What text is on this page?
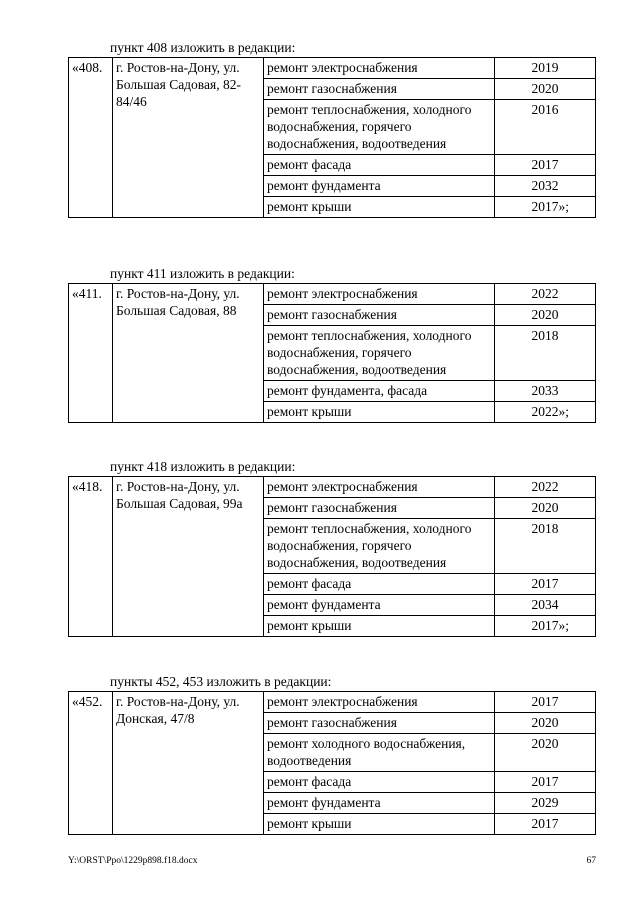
пункт 408 изложить в редакции:
«408.	г. Ростов-на-Дону, ул. Большая Садовая, 82-84/46	ремонт электроснабжения	2019
		ремонт газоснабжения	2020
		ремонт теплоснабжения, холодного водоснабжения, горячего водоснабжения, водоотведения	2016
		ремонт фасада	2017
		ремонт фундамента	2032
		ремонт крыши	2017»;
пункт 411 изложить в редакции:
«411.	г. Ростов-на-Дону, ул. Большая Садовая, 88	ремонт электроснабжения	2022
		ремонт газоснабжения	2020
		ремонт теплоснабжения, холодного водоснабжения, горячего водоснабжения, водоотведения	2018
		ремонт фундамента, фасада	2033
		ремонт крыши	2022»;
пункт 418 изложить в редакции:
«418.	г. Ростов-на-Дону, ул. Большая Садовая, 99а	ремонт электроснабжения	2022
		ремонт газоснабжения	2020
		ремонт теплоснабжения, холодного водоснабжения, горячего водоснабжения, водоотведения	2018
		ремонт фасада	2017
		ремонт фундамента	2034
		ремонт крыши	2017»;
пункты 452, 453 изложить в редакции:
«452.	г. Ростов-на-Дону, ул. Донская, 47/8	ремонт электроснабжения	2017
		ремонт газоснабжения	2020
		ремонт холодного водоснабжения, водоотведения	2020
		ремонт фасада	2017
		ремонт фундамента	2029
		ремонт крыши	2017
Y:\ORST\Ppo\1229p898.f18.docx	67
